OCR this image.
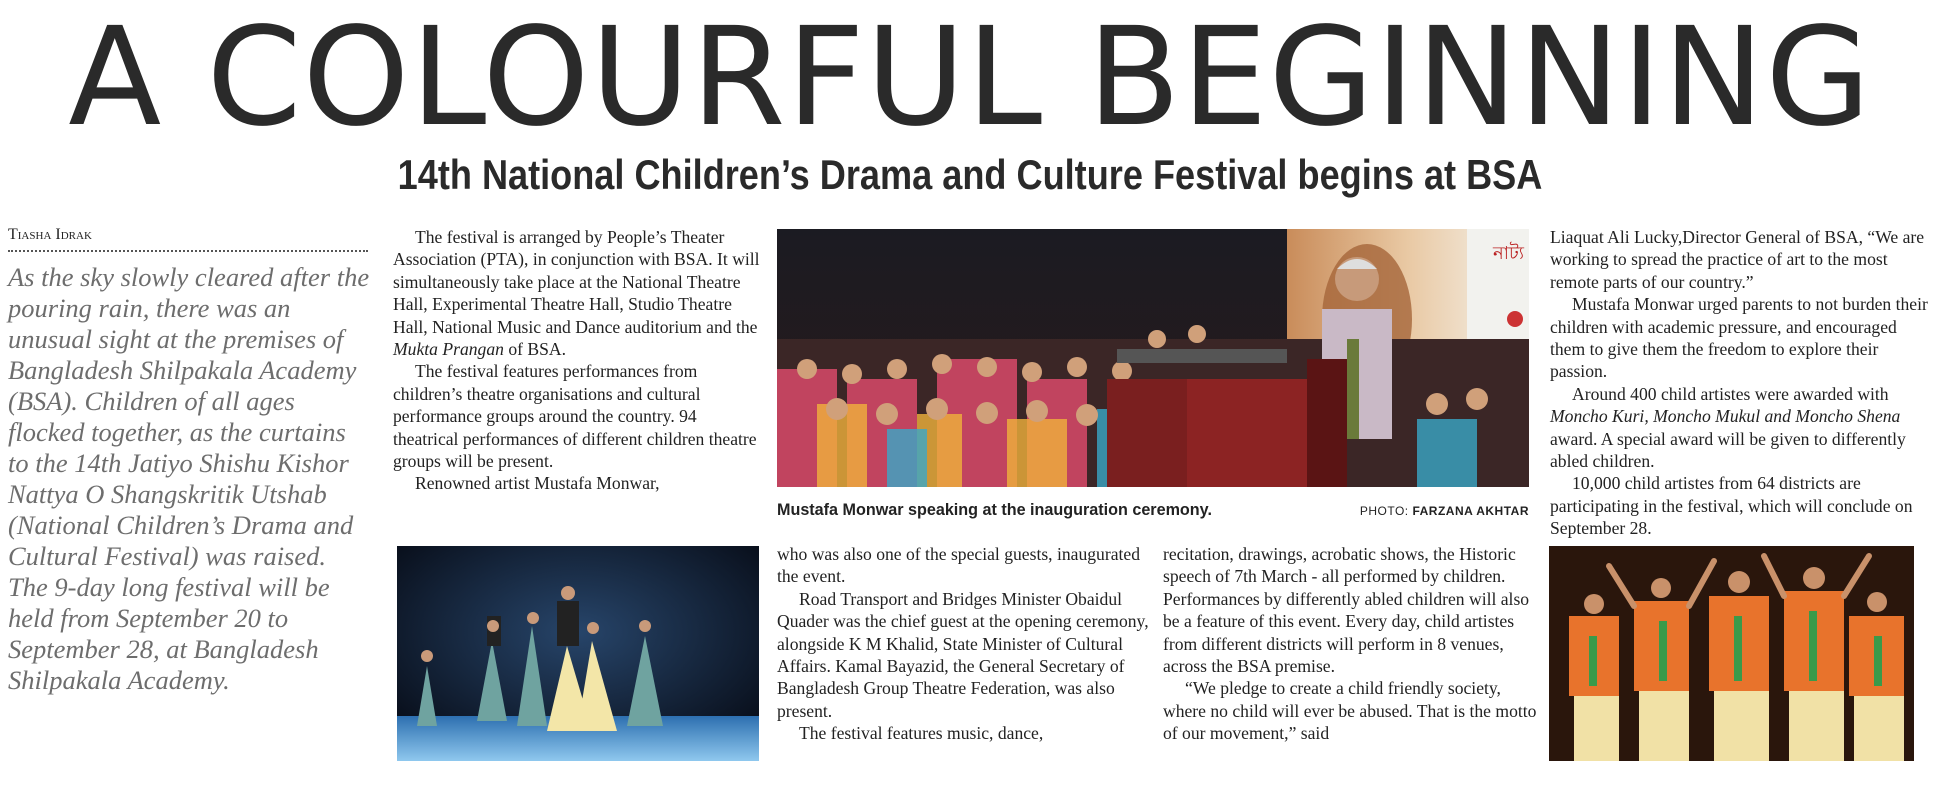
A COLOURFUL BEGINNING
14th National Children’s Drama and Culture Festival begins at BSA
Tiasha Idrak
As the sky slowly cleared after the pouring rain, there was an unusual sight at the premises of Bangladesh Shilpakala Academy (BSA). Children of all ages flocked together, as the curtains to the 14th Jatiyo Shishu Kishor Nattya O Shangskritik Utshab (National Children’s Drama and Cultural Festival) was raised. The 9-day long festival will be held from September 20 to September 28, at Bangladesh Shilpakala Academy.

The festival is arranged by People’s Theater Association (PTA), in conjunction with BSA. It will simultaneously take place at the National Theatre Hall, Experimental Theatre Hall, Studio Theatre Hall, National Music and Dance auditorium and the Mukta Prangan of BSA.

The festival features performances from children’s theatre organisations and cultural performance groups around the country. 94 theatrical performances of different children theatre groups will be present.

Renowned artist Mustafa Monwar,

নাট্য
Mustafa Monwar speaking at the inauguration ceremony.	PHOTO: FARZANA AKHTAR

Liaquat Ali Lucky,Director General of BSA, “We are working to spread the practice of art to the most remote parts of our country.”

Mustafa Monwar urged parents to not burden their children with academic pressure, and encouraged them to give them the freedom to explore their passion.

Around 400 child artistes were awarded with Moncho Kuri, Moncho Mukul and Moncho Shena award. A special award will be given to differently abled children.

10,000 child artistes from 64 districts are participating in the festival, which will conclude on September 28.

who was also one of the special guests, inaugurated the event.

Road Transport and Bridges Minister Obaidul Quader was the chief guest at the opening ceremony, alongside K M Khalid, State Minister of Cultural Affairs. Kamal Bayazid, the General Secretary of Bangladesh Group Theatre Federation, was also present.

The festival features music, dance,

recitation, drawings, acrobatic shows, the Historic speech of 7th March - all performed by children. Performances by differently abled children will also be a feature of this event. Every day, child artistes from different districts will perform in 8 venues, across the BSA premise.

“We pledge to create a child friendly society, where no child will ever be abused. That is the motto of our movement,” said
